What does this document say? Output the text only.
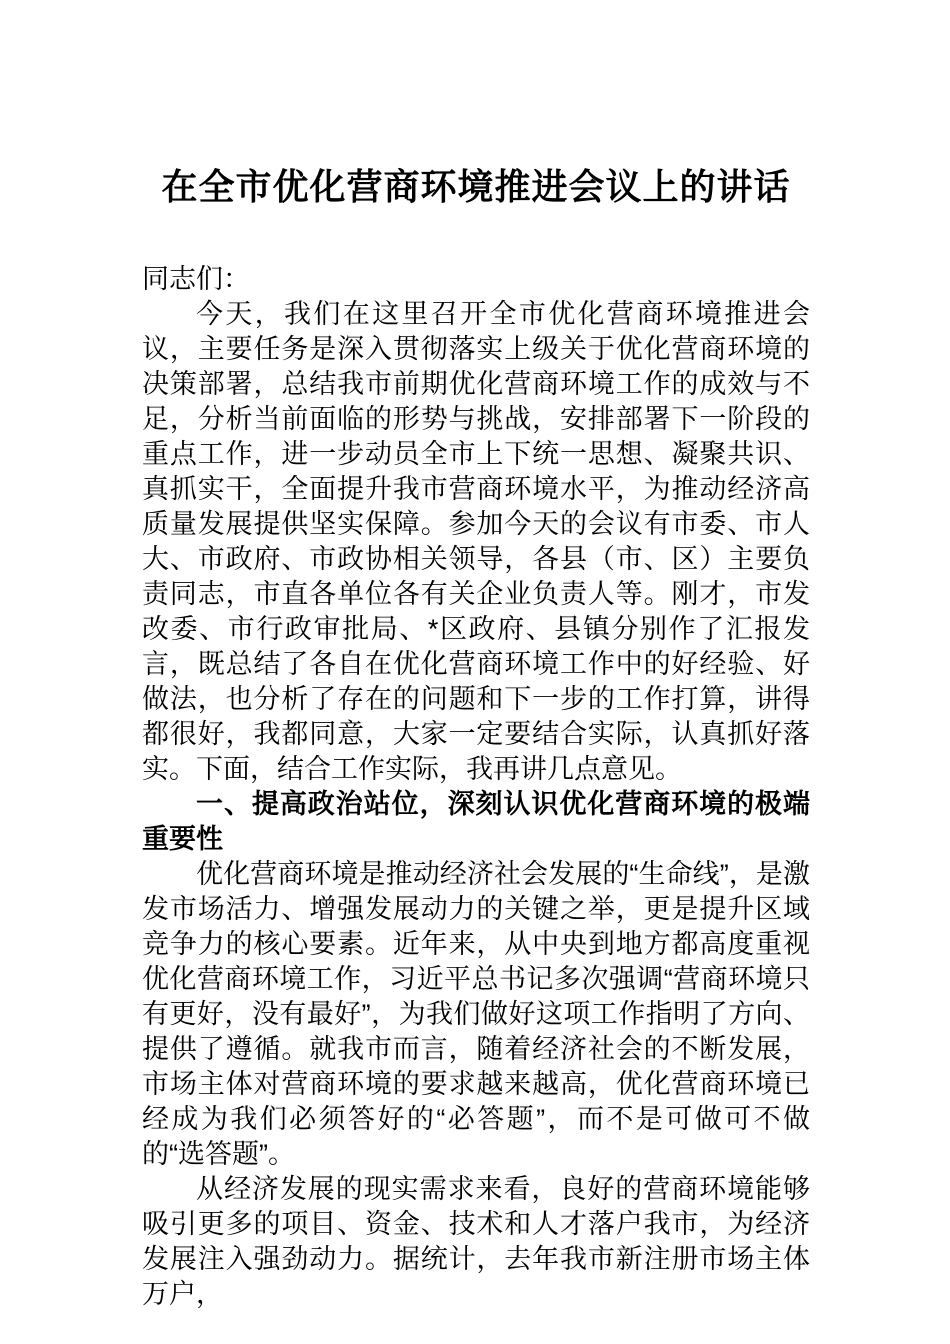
在全市优化营商环境推进会议上的讲话

同志们：

今天，我们在这里召开全市优化营商环境推进会议，主要任务是深入贯彻落实上级关于优化营商环境的决策部署，总结我市前期优化营商环境工作的成效与不足，分析当前面临的形势与挑战，安排部署下一阶段的重点工作，进一步动员全市上下统一思想、凝聚共识、真抓实干，全面提升我市营商环境水平，为推动经济高质量发展提供坚实保障。参加今天的会议有市委、市人大、市政府、市政协相关领导，各县（市、区）主要负责同志，市直各单位各有关企业负责人等。刚才，市发改委、市行政审批局、*区政府、县镇分别作了汇报发言，既总结了各自在优化营商环境工作中的好经验、好做法，也分析了存在的问题和下一步的工作打算，讲得都很好，我都同意，大家一定要结合实际，认真抓好落实。下面，结合工作实际，我再讲几点意见。

一、提高政治站位，深刻认识优化营商环境的极端重要性

优化营商环境是推动经济社会发展的“生命线”，是激发市场活力、增强发展动力的关键之举，更是提升区域竞争力的核心要素。近年来，从中央到地方都高度重视优化营商环境工作，习近平总书记多次强调“营商环境只有更好，没有最好”，为我们做好这项工作指明了方向、提供了遵循。就我市而言，随着经济社会的不断发展，市场主体对营商环境的要求越来越高，优化营商环境已经成为我们必须答好的“必答题”，而不是可做可不做的“选答题”。

从经济发展的现实需求来看，良好的营商环境能够吸引更多的项目、资金、技术和人才落户我市，为经济发展注入强劲动力。据统计，去年我市新注册市场主体万户，
